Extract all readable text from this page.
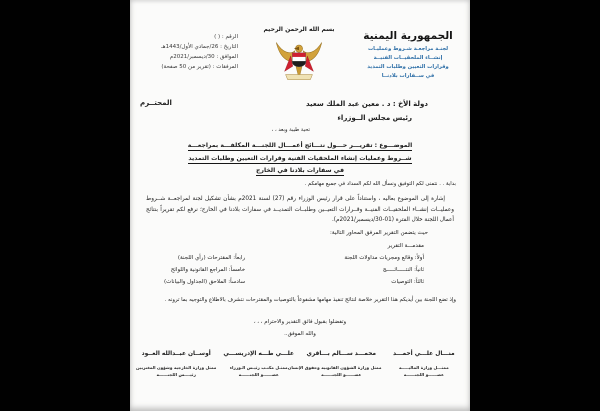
الرقم : ( )
التاريخ : 26/جمادي الأول/1443هـ
الموافق : 30/ديسمبر/2021م
المرفقات : (تقرير من 50 صفحة)
بسم الله الرحمن الرحيم
الجمهورية اليمنية
لجنـة مراجعـة شـروط وعمليـات
إنشــاء الملحقيــات الفنيــة
وقرارات التعيين وطلبات التمديد
في ســفارات بلادنــا
دولة الأخ : د . معين عبد الملك سعيد
رئيس مجلس الــوزراء
المحتــرم
تحية طيبة وبعد ، ،
الموضـــوع : تقريـــر حـــول نتـــائج أعمـــال اللجنـــة المكلفـــة بمراجعـــة
شــروط وعمليات إنشاء الملحقيات الفنية وقرارات التعيين وطلبات التمديد
في سفارات بلادنا في الخارج
بداية . . نتمنى لكم التوفيق ونسأل الله لكم السداد في جميع مهامكم .
إشارة إلى الموضوع بعاليه ، واستناداً على قرار رئيس الوزراء رقم (27) لسنة 2021م بشأن تشكيل لجنة لمراجعــة شــروط وعمليــات إنشــاء الملحقيــات الفنيــة وقــرارات التعيــين وطلبــات التمديــد في سفارات بلادنا في الخارج؛ نرفع لكم تقريراً بنتائج أعمال اللجنة خلال الفترة (01-30/ديسمبر/2021م).
حيث يتضمن التقرير المرفق المحاور التالية:
مقدمـــة التقرير
أولاً: وقائع ومجريات مداولات اللجنة
ثانياً: النتـــــائـــــج
ثالثاً: التوصيات
رابعاً: المقترحات (رأي اللجنة)
خامساً: المراجع القانونية واللوائح
سادساً: الملاحق (الجداول والبيانات)
وإذ تضع اللجنة بين أيديكم هذا التقرير خلاصة لنتائج تنفيذ مهامها مشفوعاً بالتوصيات والمقترحات نتشرف بالاطلاع والتوجيه بما ترونه .
وتفضلوا بقبول فائق التقدير والاحترام ، ، ،
والله الموفق..
منـــال علـــي أحمـــد
ممثـــل وزارة الماليـــــة
عضــــــو اللجنــــــة
محمـــد ســـالم بـــاقري
ممثل وزارة الشؤون القانونية وحقوق الإنسان
عضــــــو اللجنــــــة
علـــي طـــه الإدريســـي
ممثـل مكتـب رئيـس الـوزراء
عضــــــو اللجنــــــة
أوســان عبــدالله العــود
ممثل وزارة الخارجية وشؤون المغتربين
رئيــــس اللجنــــــة
